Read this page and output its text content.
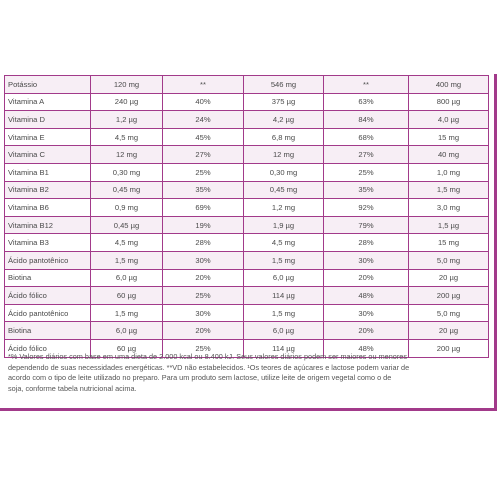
Potássio	120 mg	**	546 mg	**	400 mg
Vitamina A	240 µg	40%	375 µg	63%	800 µg
Vitamina D	1,2 µg	24%	4,2 µg	84%	4,0 µg
Vitamina E	4,5 mg	45%	6,8 mg	68%	15 mg
Vitamina C	12 mg	27%	12 mg	27%	40 mg
Vitamina B1	0,30 mg	25%	0,30 mg	25%	1,0 mg
Vitamina B2	0,45 mg	35%	0,45 mg	35%	1,5 mg
Vitamina B6	0,9 mg	69%	1,2 mg	92%	3,0 mg
Vitamina B12	0,45 µg	19%	1,9 µg	79%	1,5 µg
Vitamina B3	4,5 mg	28%	4,5 mg	28%	15 mg
Ácido pantotênico	1,5 mg	30%	1,5 mg	30%	5,0 mg
Biotina	6,0 µg	20%	6,0 µg	20%	20 µg
Ácido fólico	60 µg	25%	114 µg	48%	200 µg
Ácido pantotênico	1,5 mg	30%	1,5 mg	30%	5,0 mg
Biotina	6,0 µg	20%	6,0 µg	20%	20 µg
Ácido fólico	60 µg	25%	114 µg	48%	200 µg

*% Valores diários com base em uma dieta de 2.000 kcal ou 8.400 kJ. Seus valores diários podem ser maiores ou menores

dependendo de suas necessidades energéticas. **VD não estabelecidos. ¹Os teores de açúcares e lactose podem variar de

acordo com o tipo de leite utilizado no preparo. Para um produto sem lactose, utilize leite de origem vegetal como o de

soja, conforme tabela nutricional acima.
